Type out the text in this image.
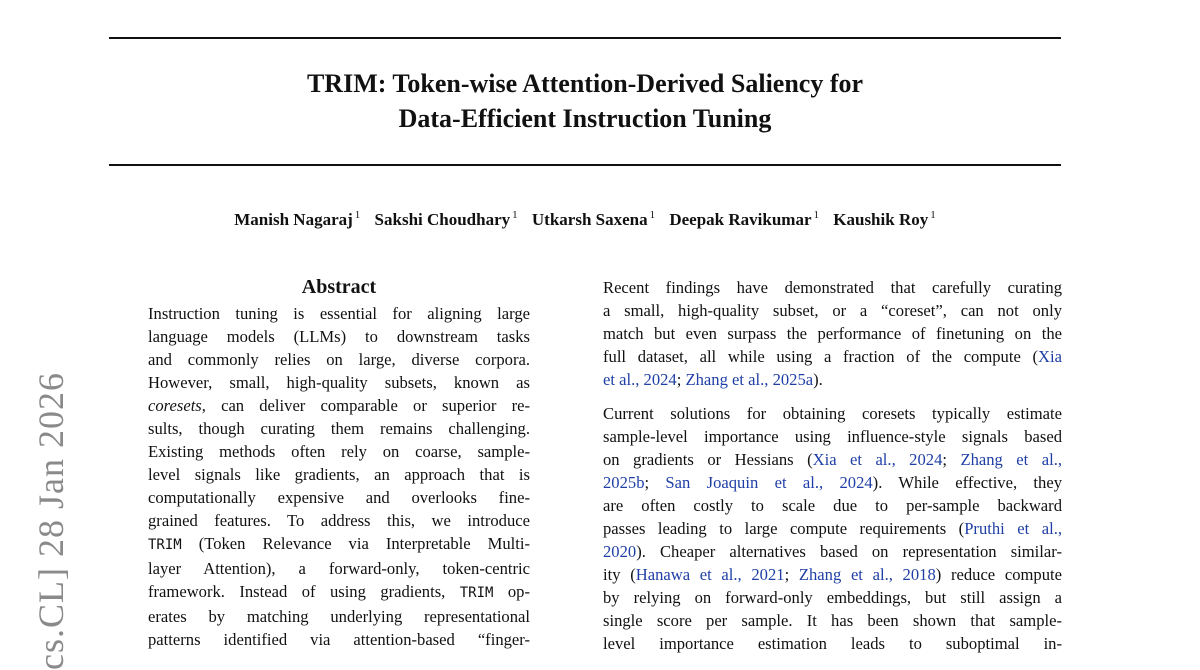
TRIM: Token-wise Attention-Derived Saliency for
Data-Efficient Instruction Tuning
Manish Nagaraj $^1$ Sakshi Choudhary $^1$ Utkarsh Saxena $^1$ Deepak Ravikumar $^1$ Kaushik Roy $^1$
cs.CL] 28 Jan 2026
Abstract
Instruction tuning is essential for aligning large
language models (LLMs) to downstream tasks
and commonly relies on large, diverse corpora.
However, small, high-quality subsets, known as
coresets, can deliver comparable or superior re-
sults, though curating them remains challenging.
Existing methods often rely on coarse, sample-
level signals like gradients, an approach that is
computationally expensive and overlooks fine-
grained features. To address this, we introduce
TRIM (Token Relevance via Interpretable Multi-
layer Attention), a forward-only, token-centric
framework. Instead of using gradients, TRIM op-
erates by matching underlying representational
patterns identified via attention-based “finger-
Recent findings have demonstrated that carefully curating
a small, high-quality subset, or a “coreset”, can not only
match but even surpass the performance of finetuning on the
full dataset, all while using a fraction of the compute (Xia
et al., 2024; Zhang et al., 2025a).
Current solutions for obtaining coresets typically estimate
sample-level importance using influence-style signals based
on gradients or Hessians (Xia et al., 2024; Zhang et al.,
2025b; San Joaquin et al., 2024). While effective, they
are often costly to scale due to per-sample backward
passes leading to large compute requirements (Pruthi et al.,
2020). Cheaper alternatives based on representation similar-
ity (Hanawa et al., 2021; Zhang et al., 2018) reduce compute
by relying on forward-only embeddings, but still assign a
single score per sample. It has been shown that sample-
level importance estimation leads to suboptimal in-
